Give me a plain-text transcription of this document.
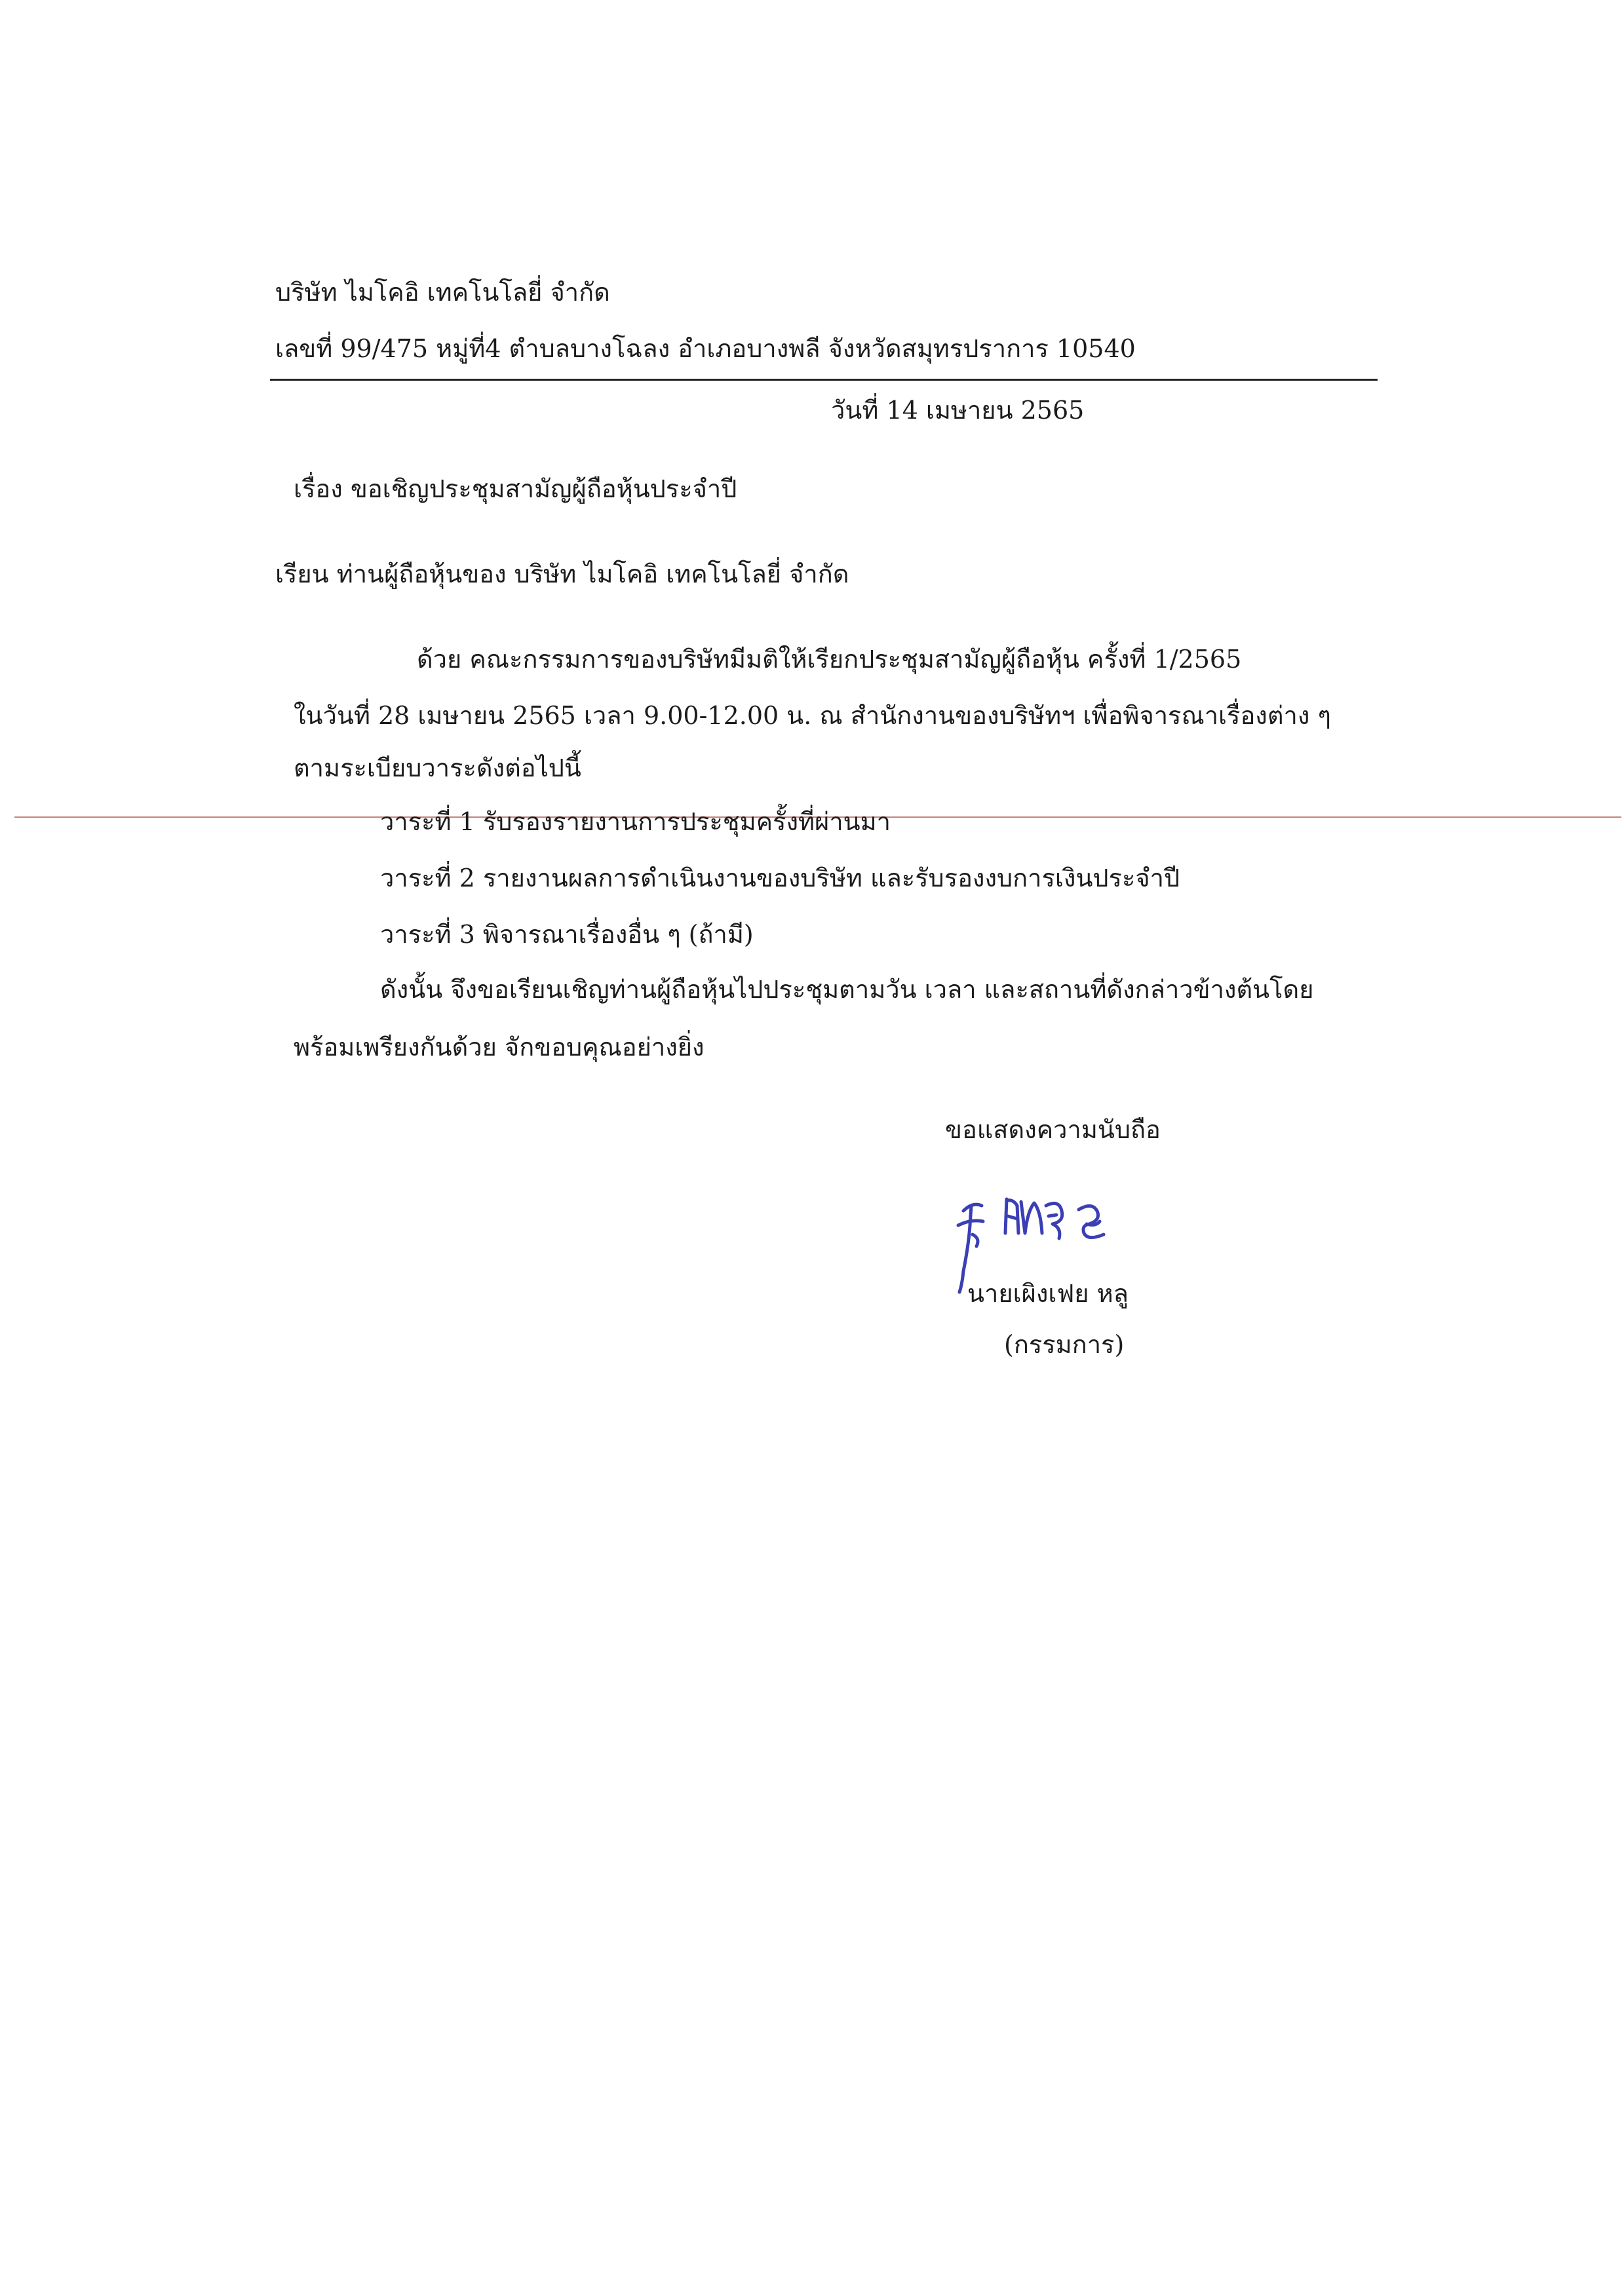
บริษัท ไมโคอิ เทคโนโลยี่ จำกัด
เลขที่ 99/475 หมู่ที่4 ตำบลบางโฉลง อำเภอบางพลี จังหวัดสมุทรปราการ 10540
วันที่ 14 เมษายน 2565
เรื่อง ขอเชิญประชุมสามัญผู้ถือหุ้นประจำปี
เรียน ท่านผู้ถือหุ้นของ บริษัท ไมโคอิ เทคโนโลยี่ จำกัด
ด้วย คณะกรรมการของบริษัทมีมติให้เรียกประชุมสามัญผู้ถือหุ้น ครั้งที่ 1/2565
ในวันที่ 28 เมษายน 2565 เวลา 9.00-12.00 น. ณ สำนักงานของบริษัทฯ เพื่อพิจารณาเรื่องต่าง ๆ
ตามระเบียบวาระดังต่อไปนี้
วาระที่ 1 รับรองรายงานการประชุมครั้งที่ผ่านมา
วาระที่ 2 รายงานผลการดำเนินงานของบริษัท และรับรองงบการเงินประจำปี
วาระที่ 3 พิจารณาเรื่องอื่น ๆ (ถ้ามี)
ดังนั้น จึงขอเรียนเชิญท่านผู้ถือหุ้นไปประชุมตามวัน เวลา และสถานที่ดังกล่าวข้างต้นโดย
พร้อมเพรียงกันด้วย จักขอบคุณอย่างยิ่ง
ขอแสดงความนับถือ
นายเผิงเฟย หลู
(กรรมการ)
